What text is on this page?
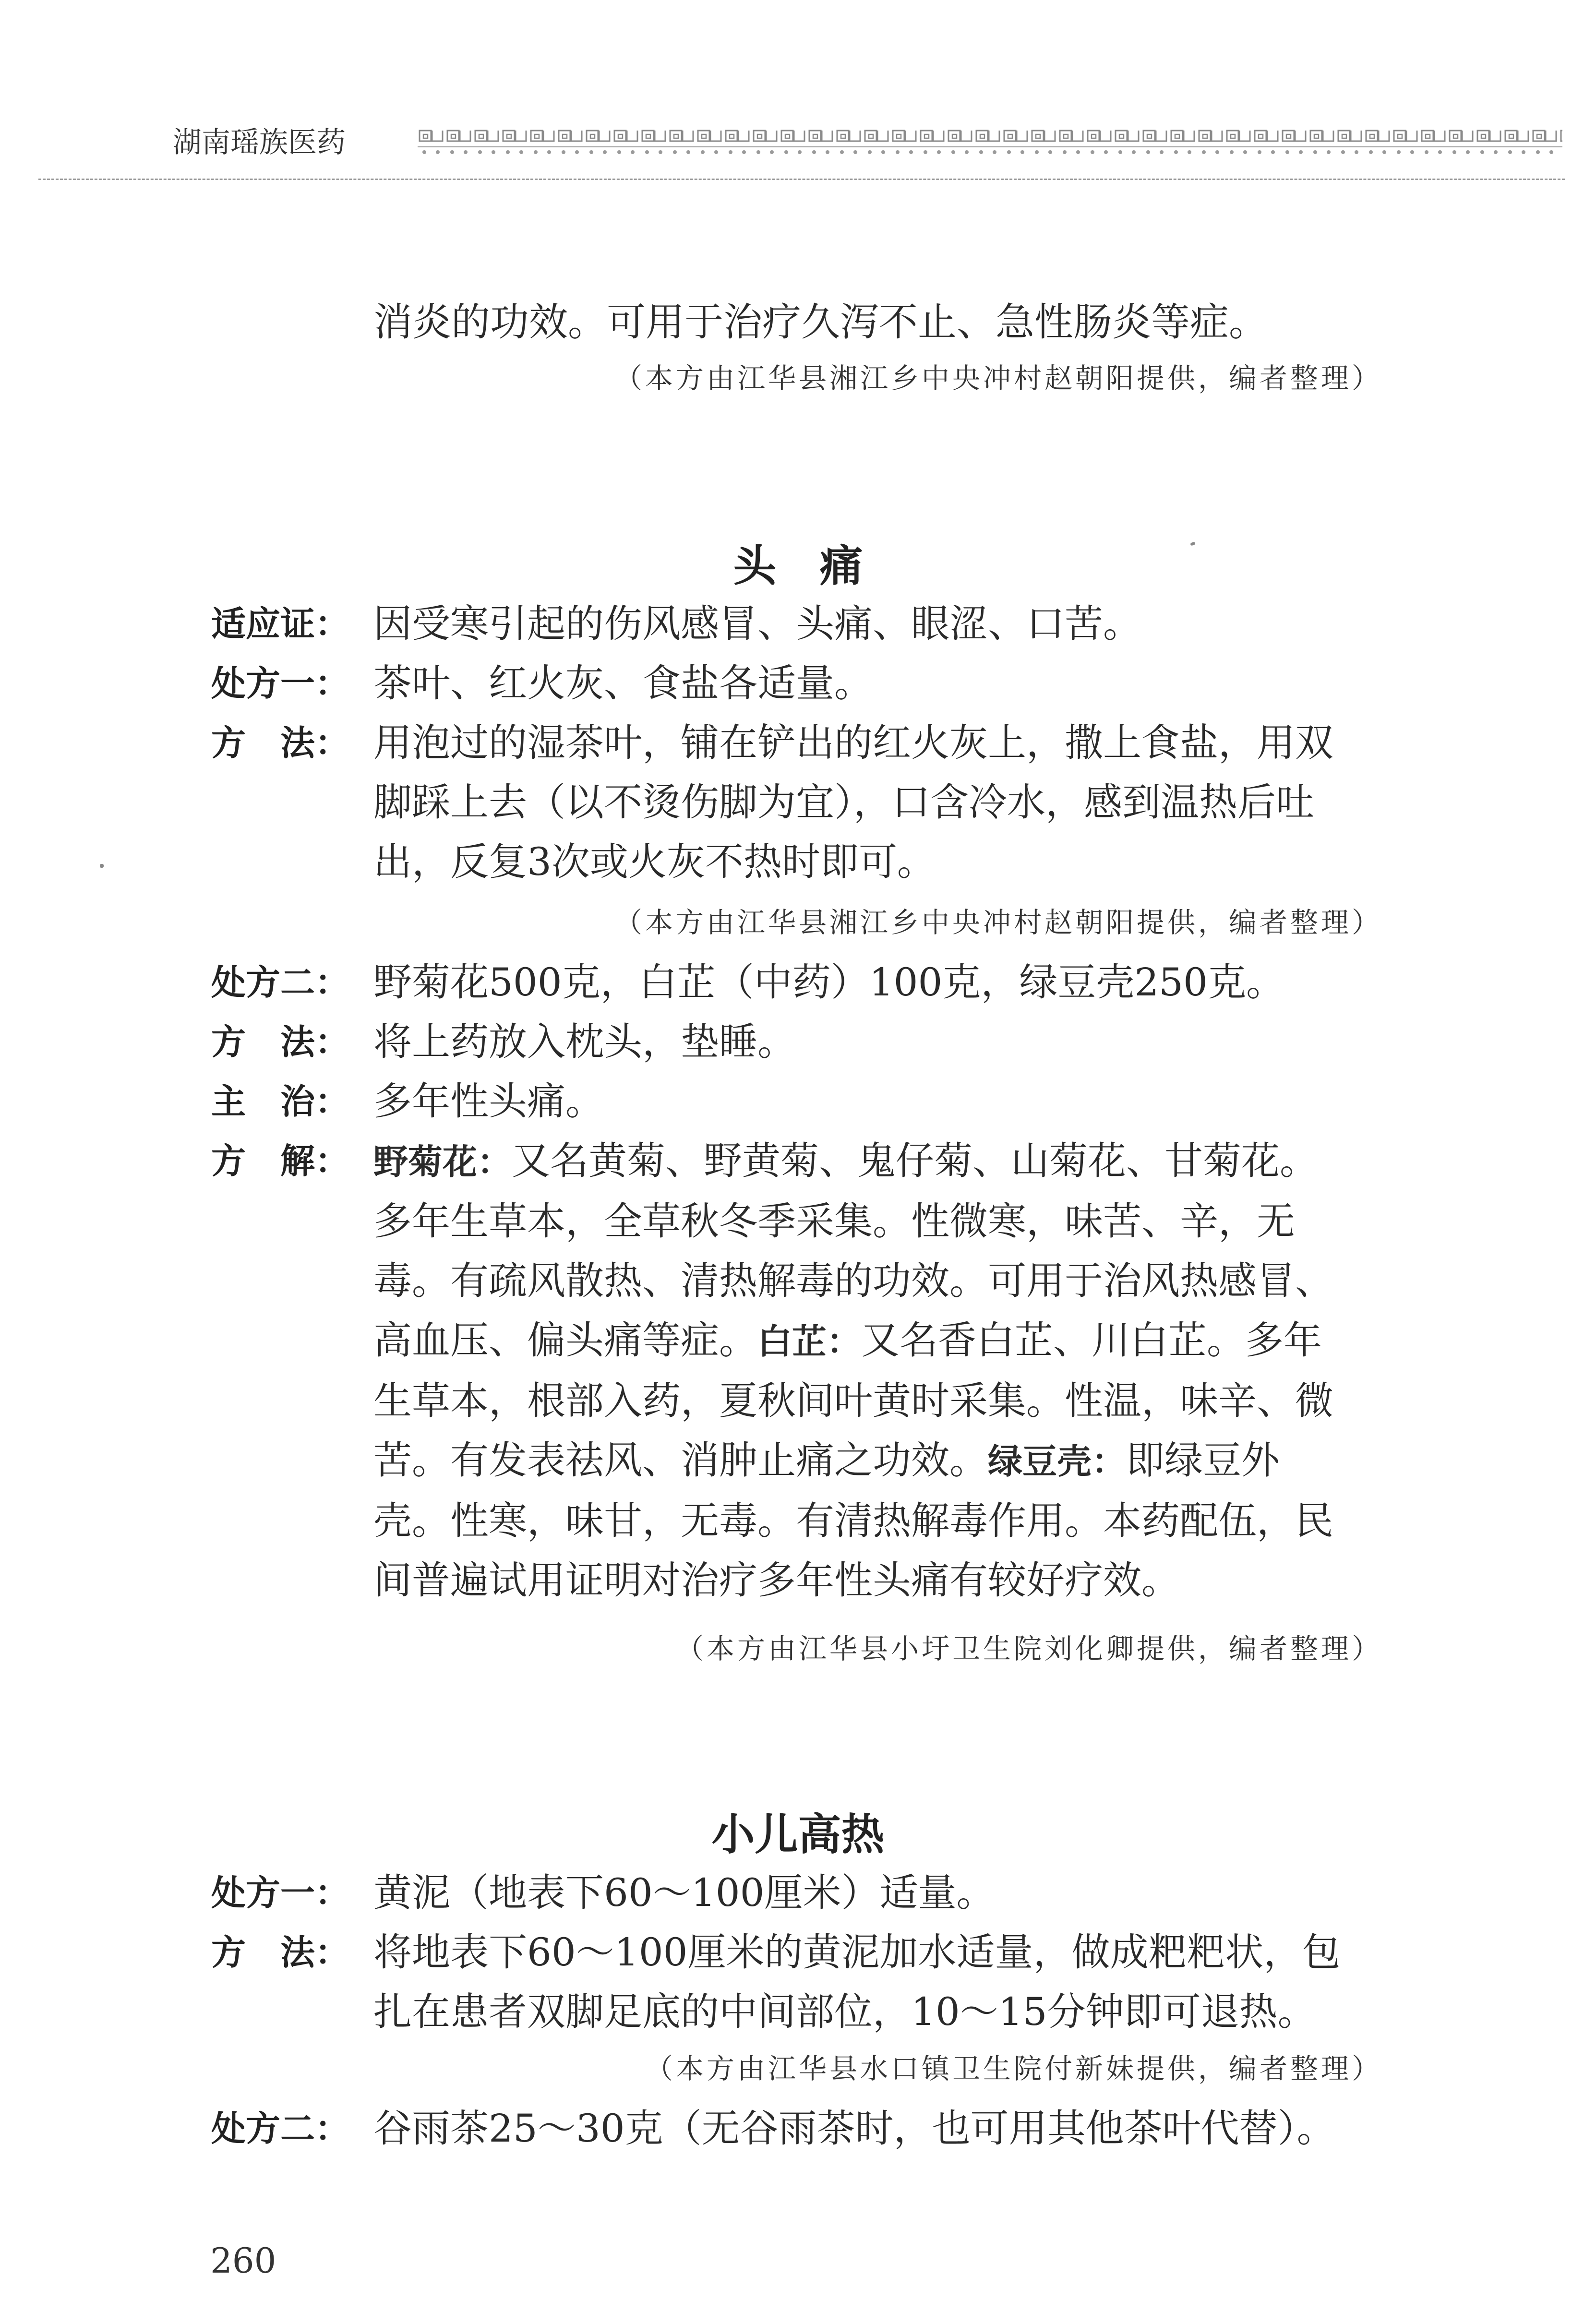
湖南瑶族医药
消炎的功效。可用于治疗久泻不止、急性肠炎等症。
（本方由江华县湘江乡中央冲村赵朝阳提供，编者整理）
头　痛
适应证： 因受寒引起的伤风感冒、头痛、眼涩、口苦。
处方一： 茶叶、红火灰、食盐各适量。
方　法： 用泡过的湿茶叶，铺在铲出的红火灰上，撒上食盐，用双
脚踩上去（以不烫伤脚为宜），口含冷水，感到温热后吐
出，反复3次或火灰不热时即可。
（本方由江华县湘江乡中央冲村赵朝阳提供，编者整理）
处方二： 野菊花500克，白芷（中药）100克，绿豆壳250克。
方　法： 将上药放入枕头，垫睡。
主　治： 多年性头痛。
方　解： 野菊花：又名黄菊、野黄菊、鬼仔菊、山菊花、甘菊花。
多年生草本，全草秋冬季采集。性微寒，味苦、辛，无
毒。有疏风散热、清热解毒的功效。可用于治风热感冒、
高血压、偏头痛等症。白芷：又名香白芷、川白芷。多年
生草本，根部入药，夏秋间叶黄时采集。性温，味辛、微
苦。有发表祛风、消肿止痛之功效。绿豆壳：即绿豆外
壳。性寒，味甘，无毒。有清热解毒作用。本药配伍，民
间普遍试用证明对治疗多年性头痛有较好疗效。
（本方由江华县小圩卫生院刘化卿提供，编者整理）
小儿高热
处方一： 黄泥（地表下60～100厘米）适量。
方　法： 将地表下60～100厘米的黄泥加水适量，做成粑粑状，包
扎在患者双脚足底的中间部位，10～15分钟即可退热。
（本方由江华县水口镇卫生院付新妹提供，编者整理）
处方二： 谷雨茶25～30克（无谷雨茶时，也可用其他茶叶代替）。
260
